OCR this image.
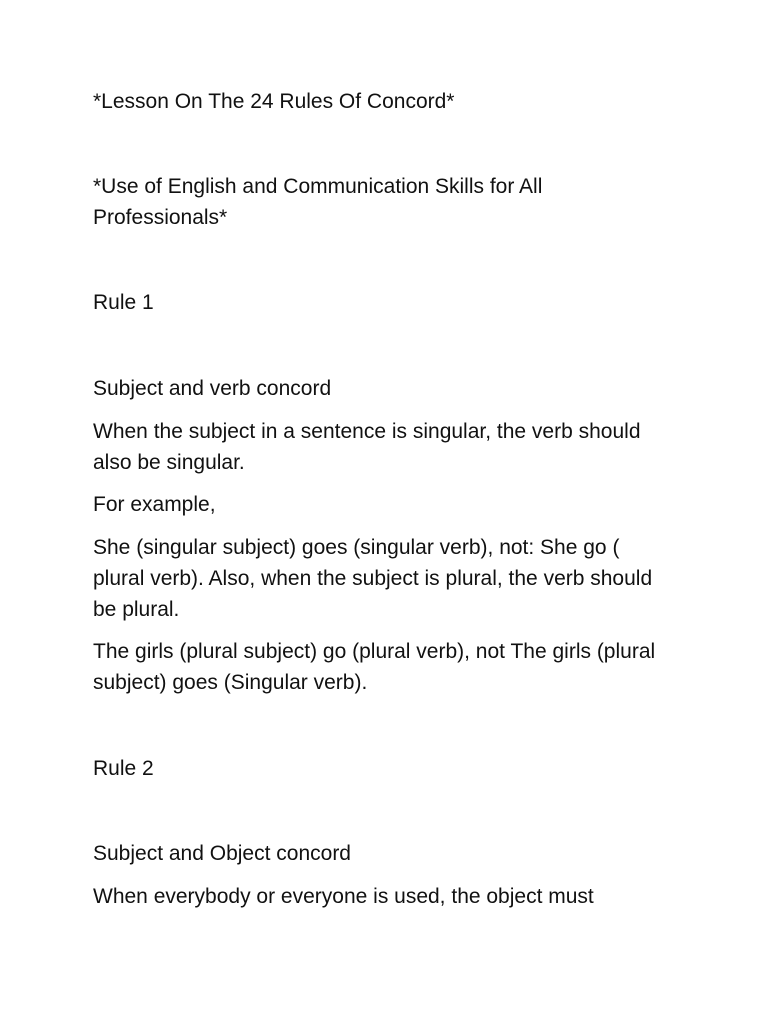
*Lesson On The 24 Rules Of Concord*

*Use of English and Communication Skills for All Professionals*

Rule 1

Subject and verb concord

When the subject in a sentence is singular, the verb should also be singular.

For example,

She (singular subject) goes (singular verb), not: She go ( plural verb). Also, when the subject is plural, the verb should be plural.

The girls (plural subject) go (plural verb), not The girls (plural subject) goes (Singular verb).

Rule 2

Subject and Object concord

When everybody or everyone is used, the object must
